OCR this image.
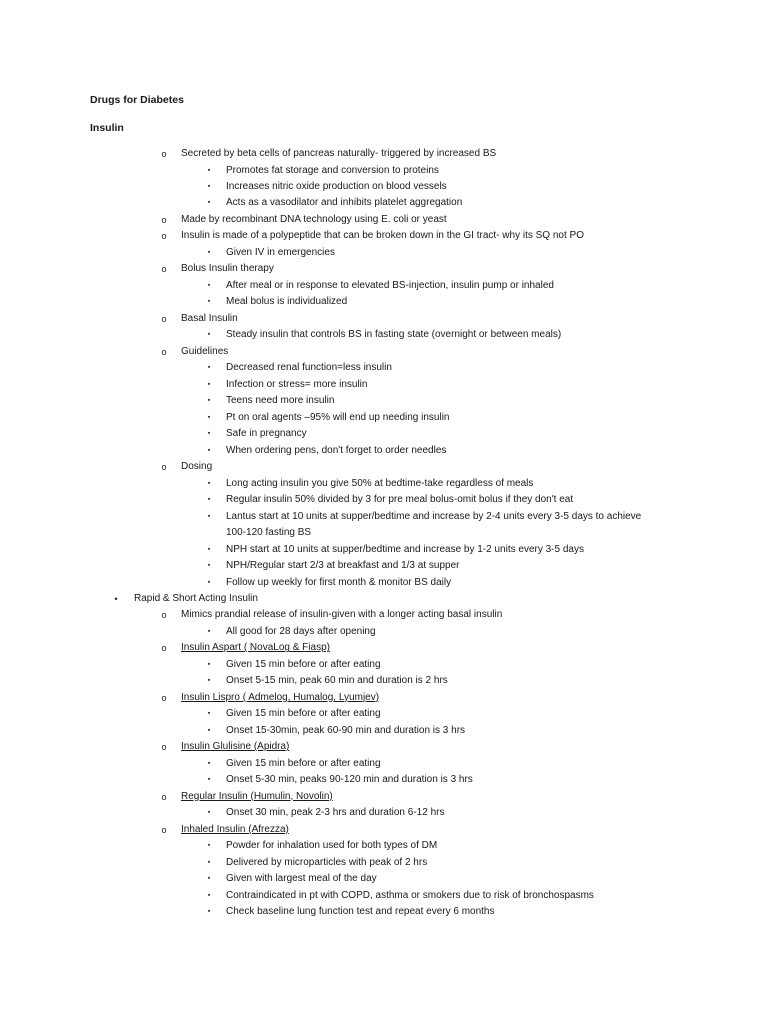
Drugs for Diabetes
Insulin
o	Secreted by beta cells of pancreas naturally- triggered by increased BS
▪	Promotes fat storage and conversion to proteins
▪	Increases nitric oxide production on blood vessels
▪	Acts as a vasodilator and inhibits platelet aggregation
o	Made by recombinant DNA technology using E. coli or yeast
o	Insulin is made of a polypeptide that can be broken down in the GI tract- why its SQ not PO
▪	Given IV in emergencies
o	Bolus Insulin therapy
▪	After meal or in response to elevated BS-injection, insulin pump or inhaled
▪	Meal bolus is individualized
o	Basal Insulin
▪	Steady insulin that controls BS in fasting state (overnight or between meals)
o	Guidelines
▪	Decreased renal function=less insulin
▪	Infection or stress= more insulin
▪	Teens need more insulin
▪	Pt on oral agents –95% will end up needing insulin
▪	Safe in pregnancy
▪	When ordering pens, don't forget to order needles
o	Dosing
▪	Long acting insulin you give 50% at bedtime-take regardless of meals
▪	Regular insulin 50% divided by 3 for pre meal bolus-omit bolus if they don't eat
▪	Lantus start at 10 units at supper/bedtime and increase by 2-4 units every 3-5 days to achieve
100-120 fasting BS
▪	NPH start at 10 units at supper/bedtime and increase by 1-2 units every 3-5 days
▪	NPH/Regular start 2/3 at breakfast and 1/3 at supper
▪	Follow up weekly for first month & monitor BS daily
•	Rapid & Short Acting Insulin
o	Mimics prandial release of insulin-given with a longer acting basal insulin
▪	All good for 28 days after opening
o	Insulin Aspart ( NovaLog & Fiasp)
▪	Given 15 min before or after eating
▪	Onset 5-15 min, peak 60 min and duration is 2 hrs
o	Insulin Lispro ( Admelog, Humalog, Lyumjev)
▪	Given 15 min before or after eating
▪	Onset 15-30min, peak 60-90 min and duration is 3 hrs
o	Insulin Glulisine (Apidra)
▪	Given 15 min before or after eating
▪	Onset 5-30 min, peaks 90-120 min and duration is 3 hrs
o	Regular Insulin (Humulin, Novolin)
▪	Onset 30 min, peak 2-3 hrs and duration 6-12 hrs
o	Inhaled Insulin (Afrezza)
▪	Powder for inhalation used for both types of DM
▪	Delivered by microparticles with peak of 2 hrs
▪	Given with largest meal of the day
▪	Contraindicated in pt with COPD, asthma or smokers due to risk of bronchospasms
▪	Check baseline lung function test and repeat every 6 months
